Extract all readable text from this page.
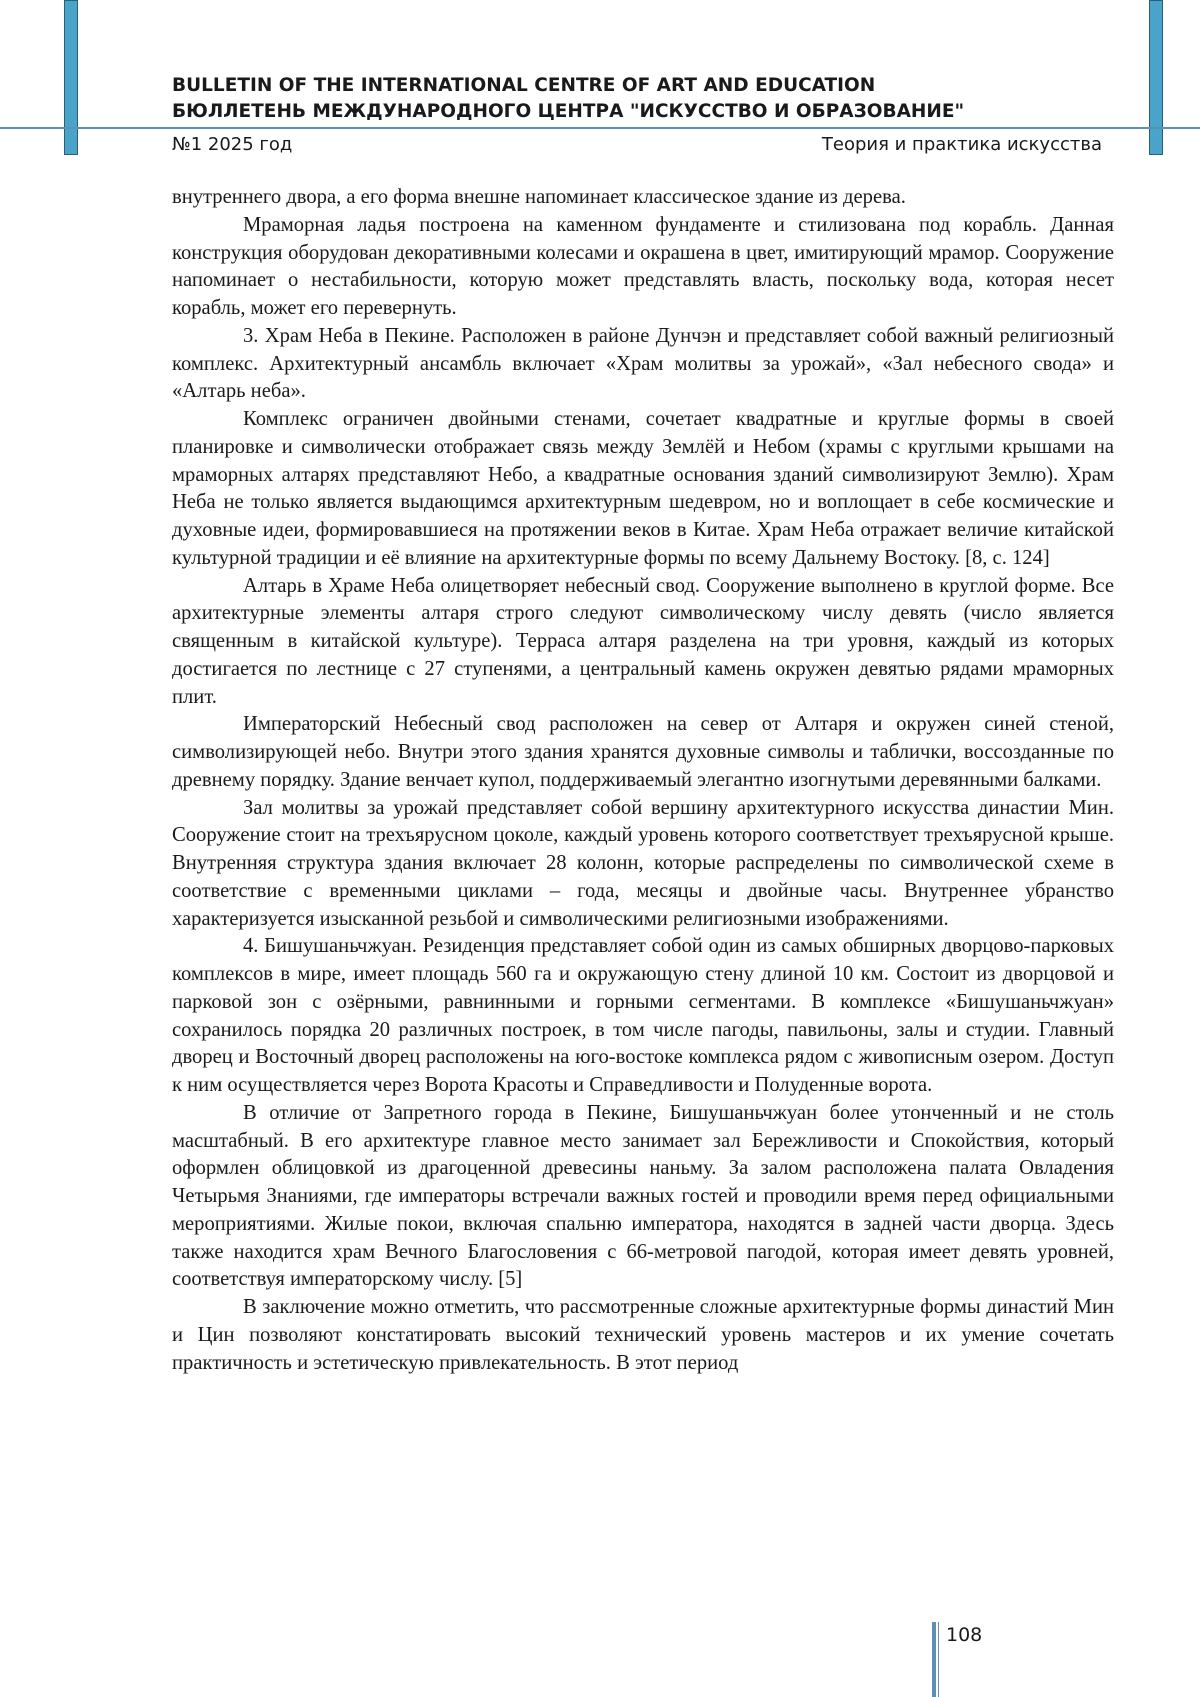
BULLETIN OF THE INTERNATIONAL CENTRE OF ART AND EDUCATION
БЮЛЛЕТЕНЬ МЕЖДУНАРОДНОГО ЦЕНТРА "ИСКУССТВО И ОБРАЗОВАНИЕ"
№1 2025 год	Теория и практика искусства

внутреннего двора, а его форма внешне напоминает классическое здание из дерева.

Мраморная ладья построена на каменном фундаменте и стилизована под корабль. Данная конструкция оборудован декоративными колесами и окрашена в цвет, имитирующий мрамор. Сооружение напоминает о нестабильности, которую может представлять власть, поскольку вода, которая несет корабль, может его перевернуть.

3. Храм Неба в Пекине. Расположен в районе Дунчэн и представляет собой важный религиозный комплекс. Архитектурный ансамбль включает «Храм молитвы за урожай», «Зал небесного свода» и «Алтарь неба».

Комплекс ограничен двойными стенами, сочетает квадратные и круглые формы в своей планировке и символически отображает связь между Землёй и Небом (храмы с круглыми крышами на мраморных алтарях представляют Небо, а квадратные основания зданий символизируют Землю). Храм Неба не только является выдающимся архитектурным шедевром, но и воплощает в себе космические и духовные идеи, формировавшиеся на протяжении веков в Китае. Храм Неба отражает величие китайской культурной традиции и её влияние на архитектурные формы по всему Дальнему Востоку. [8, с. 124]

Алтарь в Храме Неба олицетворяет небесный свод. Сооружение выполнено в круглой форме. Все архитектурные элементы алтаря строго следуют символическому числу девять (число является священным в китайской культуре). Терраса алтаря разделена на три уровня, каждый из которых достигается по лестнице с 27 ступенями, а центральный камень окружен девятью рядами мраморных плит.

Императорский Небесный свод расположен на север от Алтаря и окружен синей стеной, символизирующей небо. Внутри этого здания хранятся духовные символы и таблички, воссозданные по древнему порядку. Здание венчает купол, поддерживаемый элегантно изогнутыми деревянными балками.

Зал молитвы за урожай представляет собой вершину архитектурного искусства династии Мин. Сооружение стоит на трехъярусном цоколе, каждый уровень которого соответствует трехъярусной крыше. Внутренняя структура здания включает 28 колонн, которые распределены по символической схеме в соответствие с временными циклами – года, месяцы и двойные часы. Внутреннее убранство характеризуется изысканной резьбой и символическими религиозными изображениями.

4. Бишушаньчжуан. Резиденция представляет собой один из самых обширных дворцово-парковых комплексов в мире, имеет площадь 560 га и окружающую стену длиной 10 км. Состоит из дворцовой и парковой зон с озёрными, равнинными и горными сегментами. В комплексе «Бишушаньчжуан» сохранилось порядка 20 различных построек, в том числе пагоды, павильоны, залы и студии. Главный дворец и Восточный дворец расположены на юго-востоке комплекса рядом с живописным озером. Доступ к ним осуществляется через Ворота Красоты и Справедливости и Полуденные ворота.

В отличие от Запретного города в Пекине, Бишушаньчжуан более утонченный и не столь масштабный. В его архитектуре главное место занимает зал Бережливости и Спокойствия, который оформлен облицовкой из драгоценной древесины наньму. За залом расположена палата Овладения Четырьмя Знаниями, где императоры встречали важных гостей и проводили время перед официальными мероприятиями. Жилые покои, включая спальню императора, находятся в задней части дворца. Здесь также находится храм Вечного Благословения с 66-метровой пагодой, которая имеет девять уровней, соответствуя императорскому числу. [5]

В заключение можно отметить, что рассмотренные сложные архитектурные формы династий Мин и Цин позволяют констатировать высокий технический уровень мастеров и их умение сочетать практичность и эстетическую привлекательность. В этот период

108
